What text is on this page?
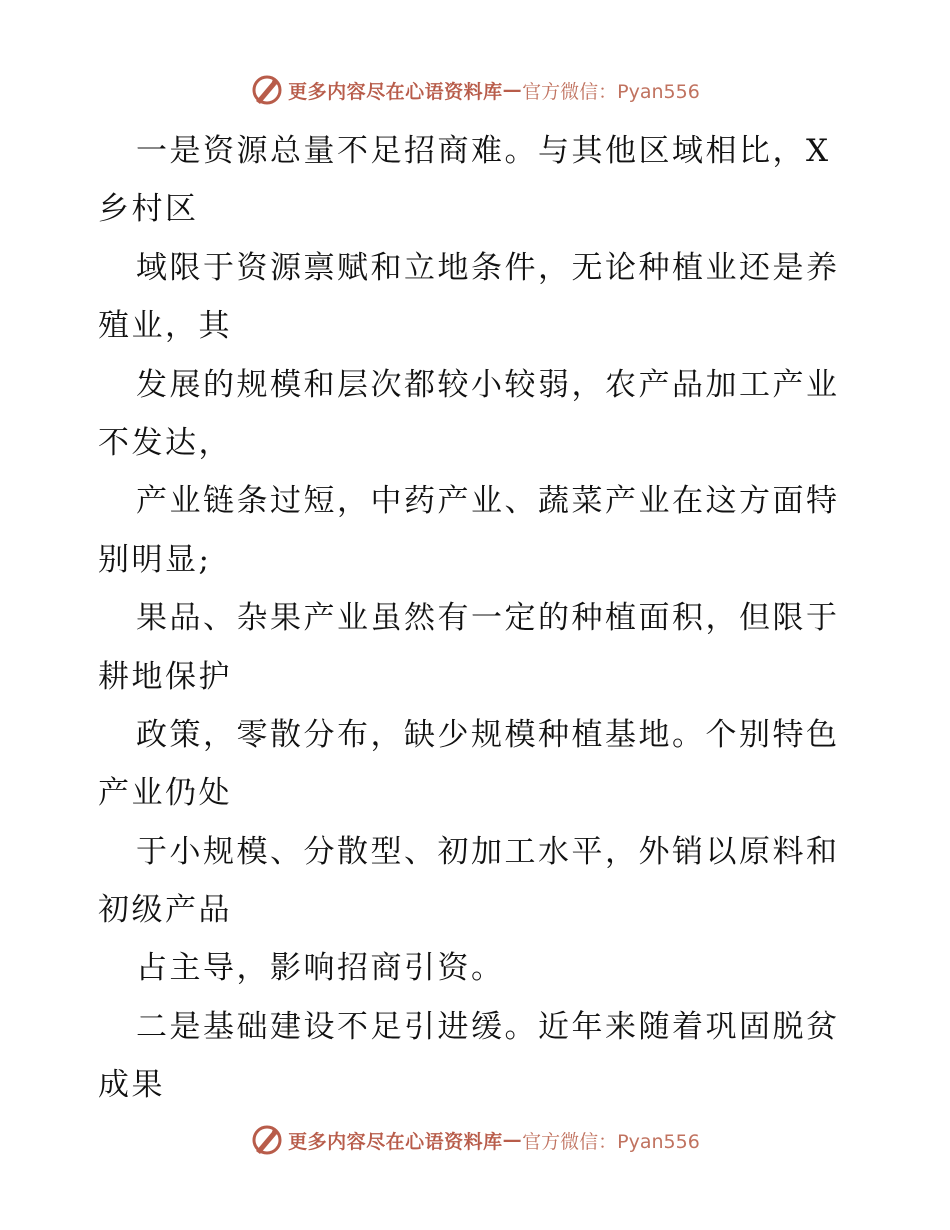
更多内容尽在心语资料库 — 官方微信：Pyan556
一是资源总量不足招商难。与其他区域相比，X
乡村区
域限于资源禀赋和立地条件，无论种植业还是养
殖业，其
发展的规模和层次都较小较弱，农产品加工产业
不发达，
产业链条过短，中药产业、蔬菜产业在这方面特
别明显;
果品、杂果产业虽然有一定的种植面积，但限于
耕地保护
政策，零散分布，缺少规模种植基地。个别特色
产业仍处
于小规模、分散型、初加工水平，外销以原料和
初级产品
占主导，影响招商引资。
二是基础建设不足引进缓。近年来随着巩固脱贫
成果
更多内容尽在心语资料库 — 官方微信：Pyan556
